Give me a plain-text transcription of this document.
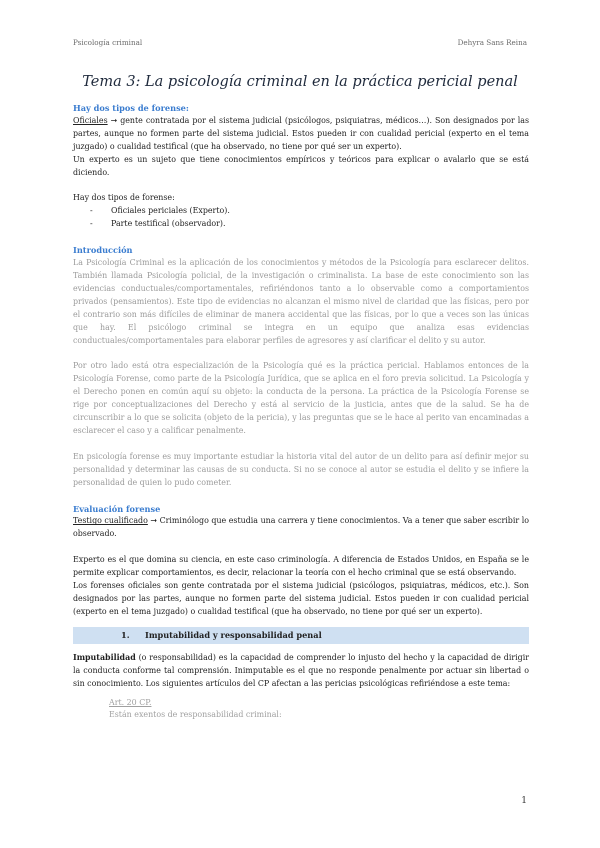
Psicología criminal	Dehyra Sans Reina
Tema 3: La psicología criminal en la práctica pericial penal
Hay dos tipos de forense:

Oficiales ➞ gente contratada por el sistema judicial (psicólogos, psiquiatras, médicos…). Son designados por las partes, aunque no formen parte del sistema judicial. Estos pueden ir con cualidad pericial (experto en el tema juzgado) o cualidad testifical (que ha observado, no tiene por qué ser un experto).

Un experto es un sujeto que tiene conocimientos empíricos y teóricos para explicar o avalarlo que se está diciendo.

Hay dos tipos de forense:

- Oficiales periciales (Experto).
- Parte testifical (observador).
Introducción

La Psicología Criminal es la aplicación de los conocimientos y métodos de la Psicología para esclarecer delitos. También llamada Psicología policial, de la investigación o criminalista. La base de este conocimiento son las evidencias conductuales/comportamentales, refiriéndonos tanto a lo observable como a comportamientos privados (pensamientos). Este tipo de evidencias no alcanzan el mismo nivel de claridad que las físicas, pero por el contrario son más difíciles de eliminar de manera accidental que las físicas, por lo que a veces son las únicas que hay. El psicólogo criminal se integra en un equipo que analiza esas evidencias conductuales/comportamentales para elaborar perfiles de agresores y así clarificar el delito y su autor.

Por otro lado está otra especialización de la Psicología qué es la práctica pericial. Hablamos entonces de la Psicología Forense, como parte de la Psicología Jurídica, que se aplica en el foro previa solicitud. La Psicología y el Derecho ponen en común aquí su objeto: la conducta de la persona. La práctica de la Psicología Forense se rige por conceptualizaciones del Derecho y está al servicio de la justicia, antes que de la salud. Se ha de circunscribir a lo que se solicita (objeto de la pericia), y las preguntas que se le hace al perito van encaminadas a esclarecer el caso y a calificar penalmente.

En psicología forense es muy importante estudiar la historia vital del autor de un delito para así definir mejor su personalidad y determinar las causas de su conducta. Si no se conoce al autor se estudia el delito y se infiere la personalidad de quien lo pudo cometer.

Evaluación forense

Testigo cualificado ➞ Criminólogo que estudia una carrera y tiene conocimientos. Va a tener que saber escribir lo observado.

Experto es el que domina su ciencia, en este caso criminología. A diferencia de Estados Unidos, en España se le permite explicar comportamientos, es decir, relacionar la teoría con el hecho criminal que se está observando.

Los forenses oficiales son gente contratada por el sistema judicial (psicólogos, psiquiatras, médicos, etc.). Son designados por las partes, aunque no formen parte del sistema judicial. Estos pueden ir con cualidad pericial (experto en el tema juzgado) o cualidad testifical (que ha observado, no tiene por qué ser un experto).

1.	Imputabilidad y responsabilidad penal

Imputabilidad (o responsabilidad) es la capacidad de comprender lo injusto del hecho y la capacidad de dirigir la conducta conforme tal comprensión. Inimputable es el que no responde penalmente por actuar sin libertad o sin conocimiento. Los siguientes artículos del CP afectan a las pericias psicológicas refiriéndose a este tema:

Art. 20 CP.
Están exentos de responsabilidad criminal:
1
